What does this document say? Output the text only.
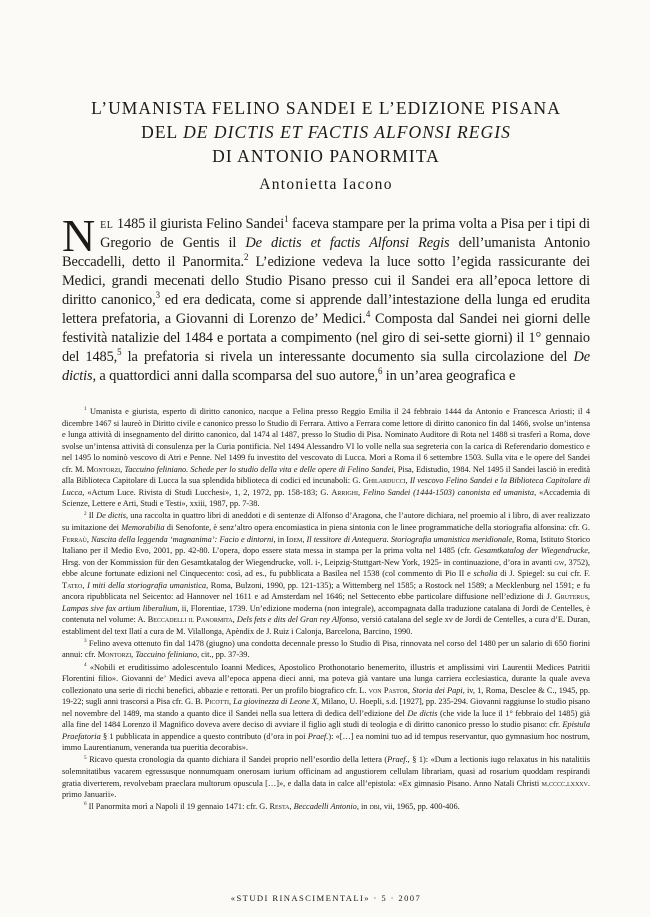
L’UMANISTA FELINO SANDEI E L’EDIZIONE PISANA
DEL DE DICTIS ET FACTIS ALFONSI REGIS
DI ANTONIO PANORMITA
Antonietta Iacono
Nel 1485 il giurista Felino Sandei$^1$ faceva stampare per la prima volta a Pisa per i tipi di Gregorio de Gentis il De dictis et factis Alfonsi Regis dell’umanista Antonio Beccadelli, detto il Panormita.$^2$ L’edizione vedeva la luce sotto l’egida rassicurante dei Medici, grandi mecenati dello Studio Pisano presso cui il Sandei era all’epoca lettore di diritto canonico,$^3$ ed era dedicata, come si apprende dall’intestazione della lunga ed erudita lettera prefatoria, a Giovanni di Lorenzo de’ Medici.$^4$ Composta dal Sandei nei giorni delle festività natalizie del 1484 e portata a compimento (nel giro di sei-sette giorni) il 1° gennaio del 1485,$^5$ la prefatoria si rivela un interessante documento sia sulla circolazione del De dictis, a quattordici anni dalla scomparsa del suo autore,$^6$ in un’area geografica e

$^1$ Umanista e giurista, esperto di diritto canonico, nacque a Felina presso Reggio Emilia il 24 febbraio 1444 da Antonio e Francesca Ariosti; il 4 dicembre 1467 si laureò in Diritto civile e canonico presso lo Studio di Ferrara. Attivo a Ferrara come lettore di diritto canonico fin dal 1466, svolse un’intensa e lunga attività di insegnamento del diritto canonico, dal 1474 al 1487, presso lo Studio di Pisa. Nominato Auditore di Rota nel 1488 si trasferì a Roma, dove svolse un’intensa attività di consulenza per la Curia pontificia. Nel 1494 Alessandro VI lo volle nella sua segreteria con la carica di Referendario domestico e nel 1495 lo nominò vescovo di Atri e Penne. Nel 1499 fu investito del vescovato di Lucca. Morì a Roma il 6 settembre 1503. Sulla vita e le opere del Sandei cfr. M. Montorzi, Taccuino feliniano. Schede per lo studio della vita e delle opere di Felino Sandei, Pisa, Edistudio, 1984. Nel 1495 il Sandei lasciò in eredità alla Biblioteca Capitolare di Lucca la sua splendida biblioteca di codici ed incunaboli: G. Ghilarducci, Il vescovo Felino Sandei e la Biblioteca Capitolare di Lucca, «Actum Luce. Rivista di Studi Lucchesi», 1, 2, 1972, pp. 158-183; G. Arrighi, Felino Sandei (1444-1503) canonista ed umanista, «Accademia di Scienze, Lettere e Arti, Studi e Testi», xxiii, 1987, pp. 7-38.

$^2$ Il De dictis, una raccolta in quattro libri di aneddoti e di sentenze di Alfonso d’Aragona, che l’autore dichiara, nel proemio al i libro, di aver realizzato su imitazione dei Memorabilia di Senofonte, è senz’altro opera encomiastica in piena sintonia con le linee programmatiche della storiografia alfonsina: cfr. G. Ferraù, Nascita della leggenda ‘magnanima’: Facio e dintorni, in Idem, Il tessitore di Antequera. Storiografia umanistica meridionale, Roma, Istituto Storico Italiano per il Medio Evo, 2001, pp. 42-80. L’opera, dopo essere stata messa in stampa per la prima volta nel 1485 (cfr. Gesamtkatalog der Wiegendrucke, Hrsg. von der Kommission für den Gesamtkatalog der Wiegendrucke, voll. i-, Leipzig-Stuttgart-New York, 1925- in continuazione, d’ora in avanti gw, 3752), ebbe alcune fortunate edizioni nel Cinquecento: così, ad es., fu pubblicata a Basilea nel 1538 (col commento di Pio II e scholia di J. Spiegel: su cui cfr. F. Tateo, I miti della storiografia umanistica, Roma, Bulzoni, 1990, pp. 121-135); a Wittemberg nel 1585; a Rostock nel 1589; a Mecklenburg nel 1591; e fu ancora ripubblicata nel Seicento: ad Hannover nel 1611 e ad Amsterdam nel 1646; nel Settecento ebbe particolare diffusione nell’edizione di J. Gruterus, Lampas sive fax artium liberalium, ii, Florentiae, 1739. Un’edizione moderna (non integrale), accompagnata dalla traduzione catalana di Jordi de Centelles, è contenuta nel volume: A. Beccadelli il Panormita, Dels fets e dits del Gran rey Alfonso, versió catalana del segle xv de Jordi de Centelles, a cura d’E. Duran, establiment del text llatí a cura de M. Vilallonga, Apèndix de J. Ruiz i Calonja, Barcelona, Barcino, 1990.

$^3$ Felino aveva ottenuto fin dal 1478 (giugno) una condotta decennale presso lo Studio di Pisa, rinnovata nel corso del 1480 per un salario di 650 fiorini annui: cfr. Montorzi, Taccuino feliniano, cit., pp. 37-39.

$^4$ «Nobili et eruditissimo adolescentulo Ioanni Medices, Apostolico Prothonotario benemerito, illustris et amplissimi viri Laurentii Medices Patritii Florentini filio». Giovanni de’ Medici aveva all’epoca appena dieci anni, ma poteva già vantare una lunga carriera ecclesiastica, durante la quale aveva collezionato una serie di ricchi benefici, abbazie e rettorati. Per un profilo biografico cfr. L. von Pastor, Storia dei Papi, iv, 1, Roma, Desclee & C., 1945, pp. 19-22; sugli anni trascorsi a Pisa cfr. G. B. Picotti, La giovinezza di Leone X, Milano, U. Hoepli, s.d. [1927], pp. 235-294. Giovanni raggiunse lo studio pisano nel novembre del 1489, ma stando a quanto dice il Sandei nella sua lettera di dedica dell’edizione del De dictis (che vide la luce il 1° febbraio del 1485) già alla fine del 1484 Lorenzo il Magnifico doveva avere deciso di avviare il figlio agli studi di teologia e di diritto canonico presso lo studio pisano: cfr. Epistula Praefatoria § 1 pubblicata in appendice a questo contributo (d’ora in poi Praef.): «[…] ea nomini tuo ad id tempus reservantur, quo gymnasium hoc nostrum, immo Laurentianum, veneranda tua pueritia decorabis».

$^5$ Ricavo questa cronologia da quanto dichiara il Sandei proprio nell’esordio della lettera (Praef., § 1): «Dum a lectionis iugo relaxatus in his natalitiis solemnitatibus vacarem egressusque nonnumquam onerosam iurium officinam ad angustiorem cellulam librariam, quasi ad rosarium quoddam respirandi gratia diverterem, revolvebam praeclara multorum opuscula […]», e dalla data in calce all’epistola: «Ex gimnasio Pisano. Anno Natali Christi m.cccc.lxxxv. primo Januarii».

$^6$ Il Panormita morì a Napoli il 19 gennaio 1471: cfr. G. Resta, Beccadelli Antonio, in dbi, vii, 1965, pp. 400-406.

«STUDI RINASCIMENTALI» · 5 · 2007
